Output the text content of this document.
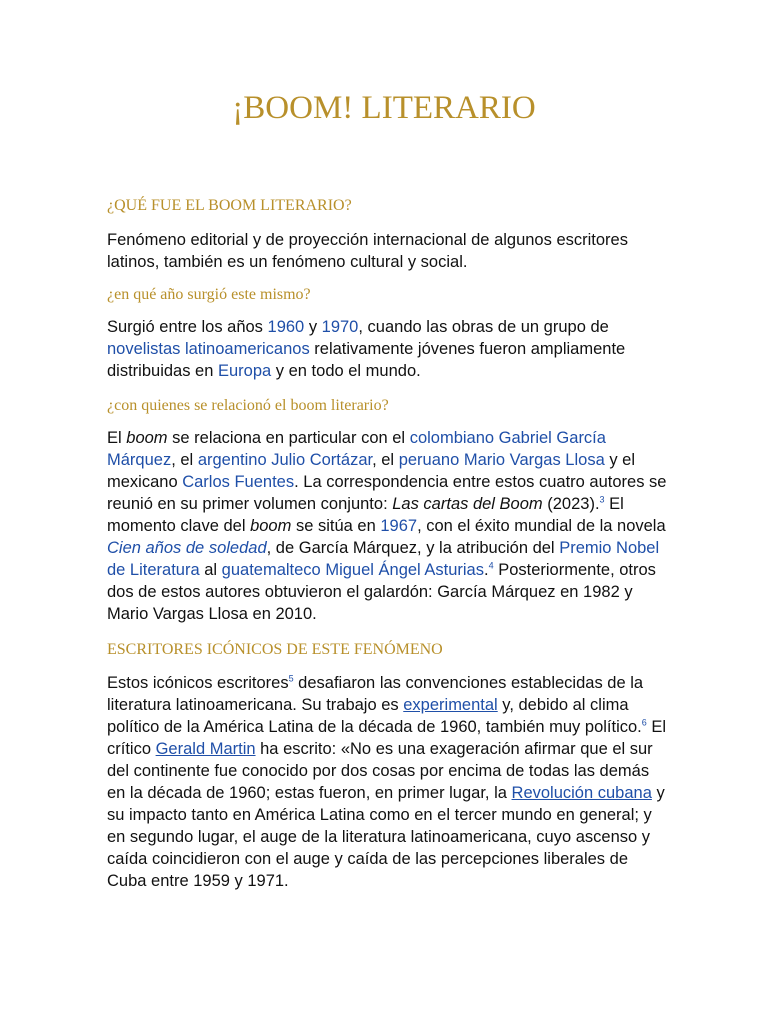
¡BOOM! LITERARIO
¿QUÉ FUE EL BOOM LITERARIO?

Fenómeno editorial y de proyección internacional de algunos escritores latinos, también es un fenómeno cultural y social.

¿en qué año surgió este mismo?

Surgió entre los años 1960 y 1970, cuando las obras de un grupo de novelistas latinoamericanos relativamente jóvenes fueron ampliamente distribuidas en Europa y en todo el mundo.

¿con quienes se relacionó el boom literario?

El boom se relaciona en particular con el colombiano Gabriel García Márquez, el argentino Julio Cortázar, el peruano Mario Vargas Llosa y el mexicano Carlos Fuentes. La correspondencia entre estos cuatro autores se reunió en su primer volumen conjunto: Las cartas del Boom (2023).$^3$ El momento clave del boom se sitúa en 1967, con el éxito mundial de la novela Cien años de soledad, de García Márquez, y la atribución del Premio Nobel de Literatura al guatemalteco Miguel Ángel Asturias.$^4$ Posteriormente, otros dos de estos autores obtuvieron el galardón: García Márquez en 1982 y Mario Vargas Llosa en 2010.

ESCRITORES ICÓNICOS DE ESTE FENÓMENO

Estos icónicos escritores$^5$ desafiaron las convenciones establecidas de la literatura latinoamericana. Su trabajo es experimental y, debido al clima político de la América Latina de la década de 1960, también muy político.$^6$ El crítico Gerald Martin ha escrito: «No es una exageración afirmar que el sur del continente fue conocido por dos cosas por encima de todas las demás en la década de 1960; estas fueron, en primer lugar, la Revolución cubana y su impacto tanto en América Latina como en el tercer mundo en general; y en segundo lugar, el auge de la literatura latinoamericana, cuyo ascenso y caída coincidieron con el auge y caída de las percepciones liberales de Cuba entre 1959 y 1971.
